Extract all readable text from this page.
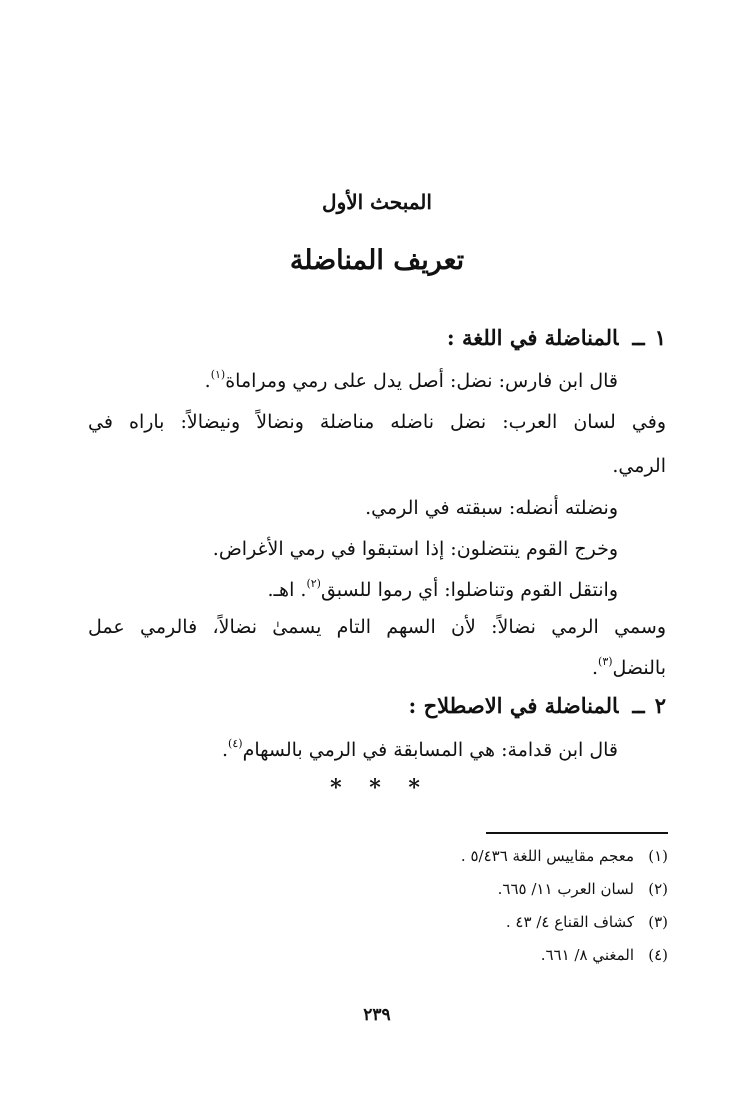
المبحث الأول
تعريف المناضلة
١ــالمناضلة في اللغة :
قال ابن فارس: نضل: أصل يدل على رمي ومراماة$^{(١)}$.
وفي لسان العرب: نضل ناضله مناضلة ونضالاً ونيضالاً: باراه في
الرمي.
ونضلته أنضله: سبقته في الرمي.
وخرج القوم ينتضلون: إذا استبقوا في رمي الأغراض.
وانتقل القوم وتناضلوا: أي رموا للسبق$^{(٢)}$. اهـ.
وسمي الرمي نضالاً: لأن السهم التام يسمىٰ نضالاً، فالرمي عمل
بالنضل$^{(٣)}$.
٢ــالمناضلة في الاصطلاح :
قال ابن قدامة: هي المسابقة في الرمي بالسهام$^{(٤)}$.
* * *
(١)معجم مقاييس اللغة ٥/٤٣٦ .
(٢)لسان العرب ١١/ ٦٦٥.
(٣)كشاف القناع ٤/ ٤٣ .
(٤)المغني ٨/ ٦٦١.
٢٣٩
